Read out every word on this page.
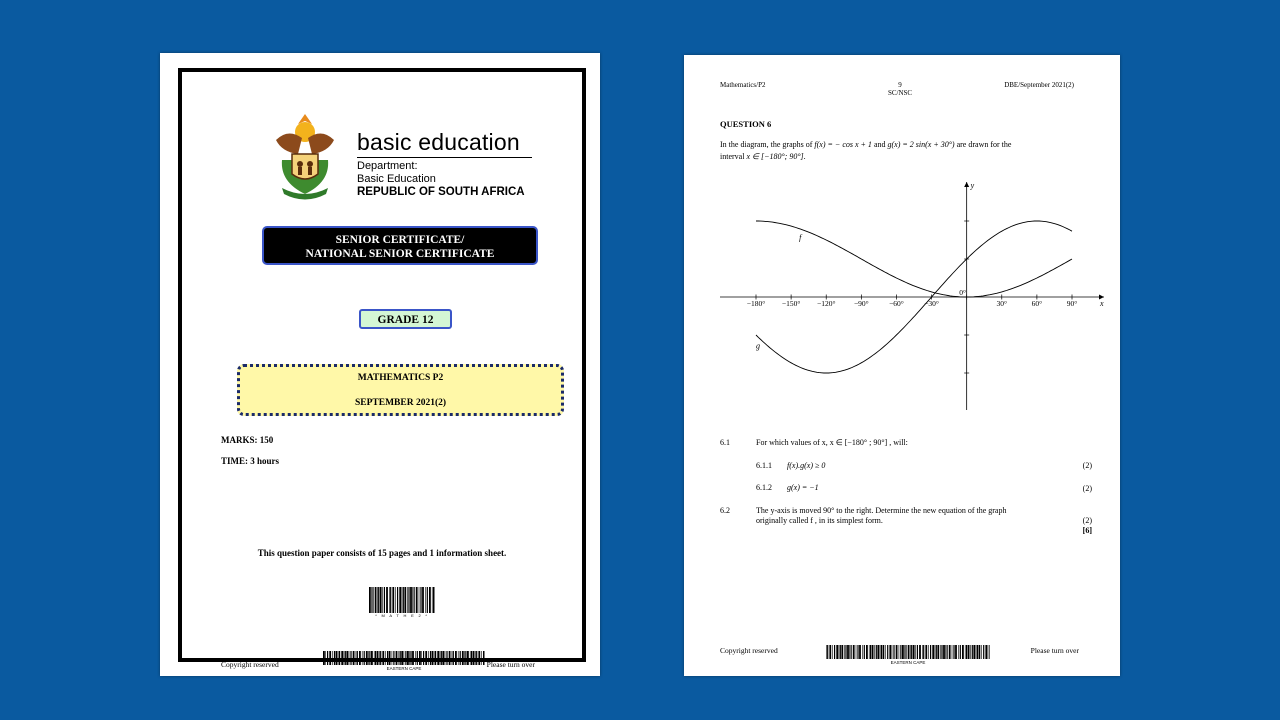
basic education
Department:
Basic Education
REPUBLIC OF SOUTH AFRICA
SENIOR CERTIFICATE/
NATIONAL SENIOR CERTIFICATE
GRADE 12
MATHEMATICS P2
SEPTEMBER 2021(2)
MARKS: 150
TIME: 3 hours
This question paper consists of 15 pages and 1 information sheet.
* M A T H E 2 *
Copyright reserved	EASTERN CAPE	Please turn over
Mathematics/P2	9
SC/NSC
DBE/September 2021(2)
QUESTION 6
In the diagram, the graphs of f(x) = − cos x + 1 and g(x) = 2 sin(x + 30°) are drawn for the
interval x ∈ [−180°; 90°].
x
y
−180° −150° −120° −90°	−60°	−30°
0°
30°	60°	90°
f
g
6.1	For which values of x, x ∈ [−180° ; 90°] , will:
6.1.1 f(x).g(x) ≥ 0	(2)
6.1.2 g(x) = −1	(2)
6.2	The y-axis is moved 90° to the right. Determine the new equation of the graph
originally called f , in its simplest form.	(2)
[6]
Copyright reserved
EASTERN CAPE
Please turn over
